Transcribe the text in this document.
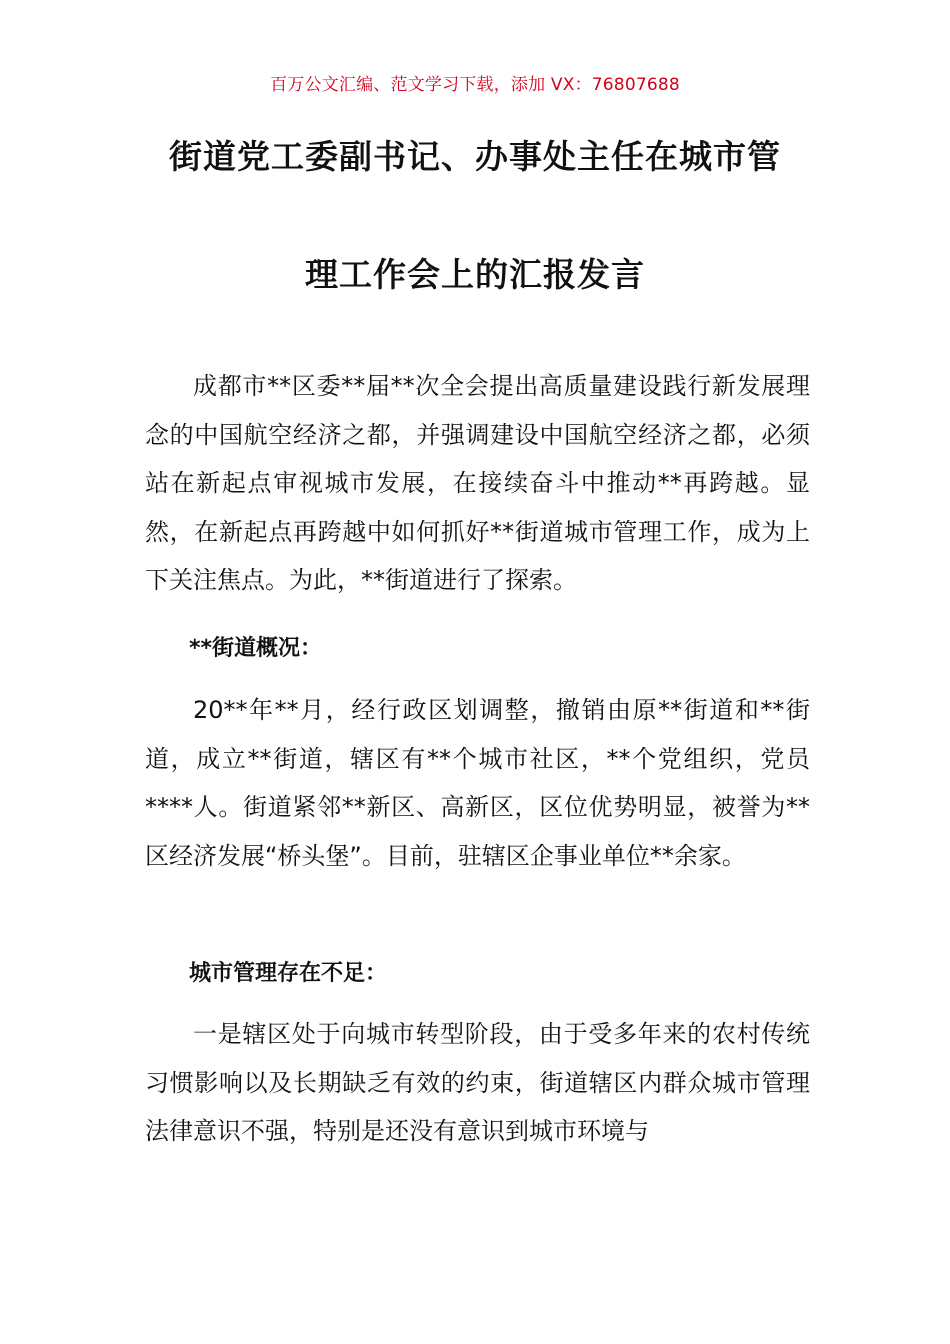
百万公文汇编、范文学习下载，添加 VX：76807688
街道党工委副书记、办事处主任在城市管
理工作会上的汇报发言

成都市**区委**届**次全会提出高质量建设践行新发展理念的中国航空经济之都，并强调建设中国航空经济之都，必须站在新起点审视城市发展，在接续奋斗中推动**再跨越。显然，在新起点再跨越中如何抓好**街道城市管理工作，成为上下关注焦点。为此，**街道进行了探索。

**街道概况：

20**年**月，经行政区划调整，撤销由原**街道和**街道，成立**街道，辖区有**个城市社区，**个党组织，党员****人。街道紧邻**新区、高新区，区位优势明显，被誉为**区经济发展“桥头堡”。目前，驻辖区企事业单位**余家。

城市管理存在不足：

一是辖区处于向城市转型阶段，由于受多年来的农村传统习惯影响以及长期缺乏有效的约束，街道辖区内群众城市管理法律意识不强，特别是还没有意识到城市环境与
